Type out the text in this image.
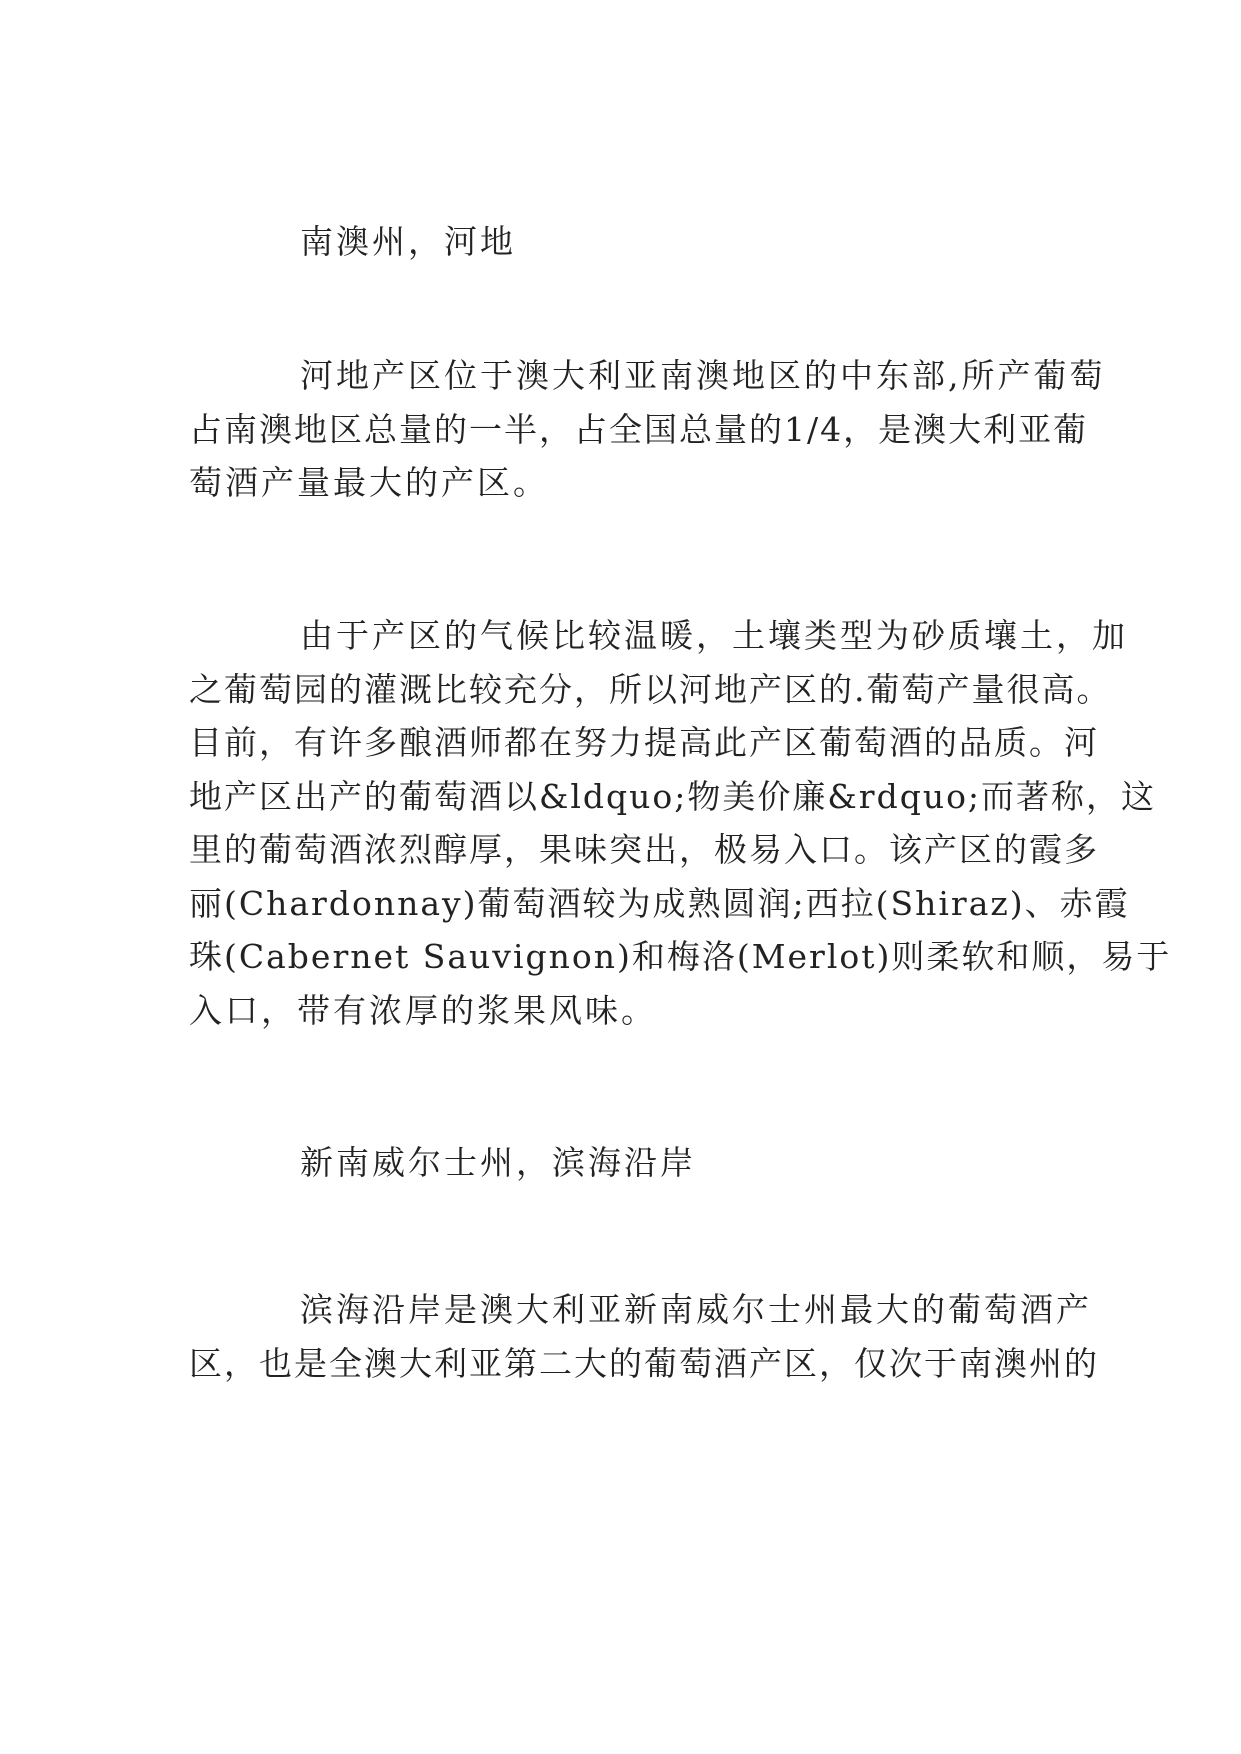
南澳州，河地

河地产区位于澳大利亚南澳地区的中东部,所产葡萄

占南澳地区总量的一半，占全国总量的1/4，是澳大利亚葡

萄酒产量最大的产区。

由于产区的气候比较温暖，土壤类型为砂质壤土，加

之葡萄园的灌溉比较充分，所以河地产区的.葡萄产量很高。

目前，有许多酿酒师都在努力提高此产区葡萄酒的品质。河

地产区出产的葡萄酒以&ldquo;物美价廉&rdquo;而著称，这

里的葡萄酒浓烈醇厚，果味突出，极易入口。该产区的霞多

丽(Chardonnay)葡萄酒较为成熟圆润;西拉(Shiraz)、赤霞

珠(Cabernet Sauvignon)和梅洛(Merlot)则柔软和顺，易于

入口，带有浓厚的浆果风味。

新南威尔士州，滨海沿岸

滨海沿岸是澳大利亚新南威尔士州最大的葡萄酒产

区，也是全澳大利亚第二大的葡萄酒产区，仅次于南澳州的
